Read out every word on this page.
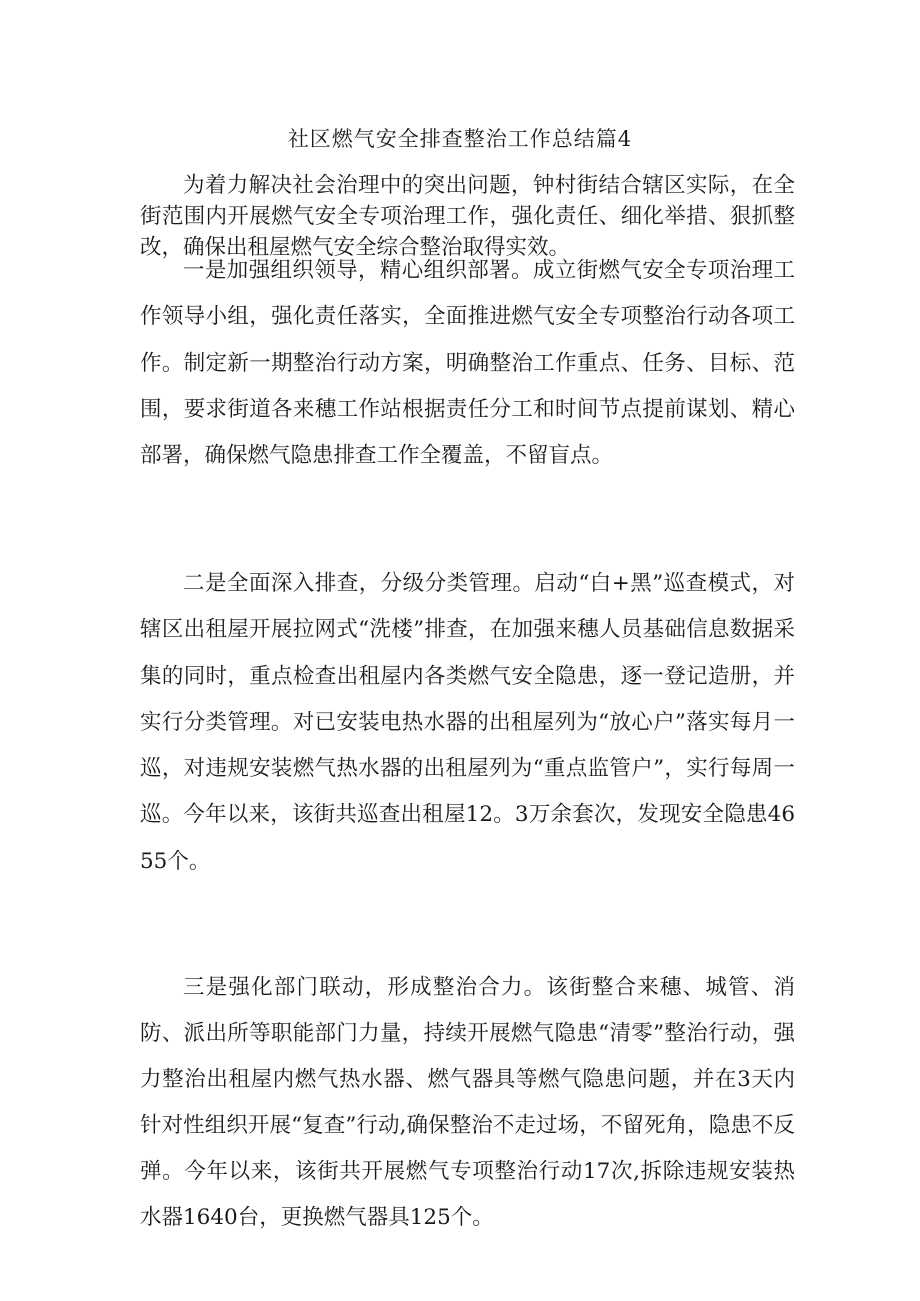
社区燃气安全排查整治工作总结篇4

为着力解决社会治理中的突出问题，钟村街结合辖区实际，在全街范围内开展燃气安全专项治理工作，强化责任、细化举措、狠抓整改，确保出租屋燃气安全综合整治取得实效。

一是加强组织领导，精心组织部署。成立街燃气安全专项治理工作领导小组，强化责任落实，全面推进燃气安全专项整治行动各项工作。制定新一期整治行动方案，明确整治工作重点、任务、目标、范围，要求街道各来穗工作站根据责任分工和时间节点提前谋划、精心部署，确保燃气隐患排查工作全覆盖，不留盲点。

二是全面深入排查，分级分类管理。启动“白+黑”巡查模式，对辖区出租屋开展拉网式“洗楼”排查，在加强来穗人员基础信息数据采集的同时，重点检查出租屋内各类燃气安全隐患，逐一登记造册，并实行分类管理。对已安装电热水器的出租屋列为“放心户”落实每月一巡，对违规安装燃气热水器的出租屋列为“重点监管户”，实行每周一巡。今年以来，该街共巡查出租屋12。3万余套次，发现安全隐患4655个。

三是强化部门联动，形成整治合力。该街整合来穗、城管、消防、派出所等职能部门力量，持续开展燃气隐患“清零”整治行动，强力整治出租屋内燃气热水器、燃气器具等燃气隐患问题，并在3天内针对性组织开展“复查”行动,确保整治不走过场，不留死角，隐患不反弹。今年以来，该街共开展燃气专项整治行动17次,拆除违规安装热水器1640台，更换燃气器具125个。
